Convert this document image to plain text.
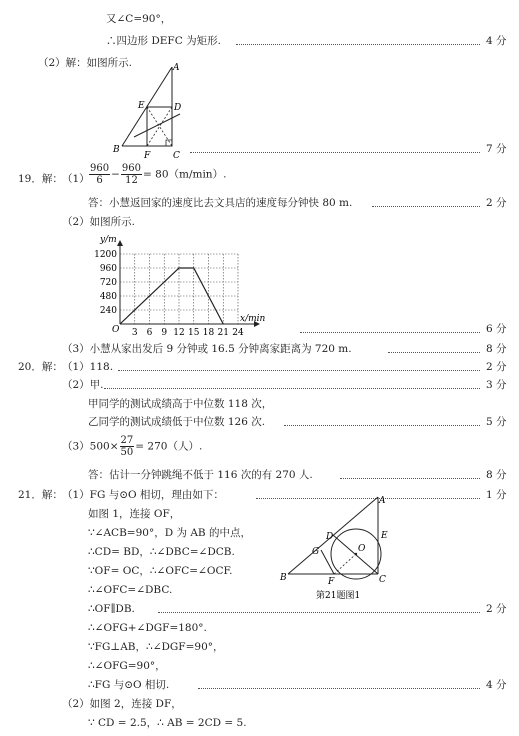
又∠C=90°，
∴四边形 DEFC 为矩形.	4 分
（2）解：如图所示.	A
B
C
D
E
F
7 分
19．解： $(1) \frac{960}{6} - \frac{960}{12} = 80(m/\min)$.
答：小慧返回家的速度比去文具店的速度每分钟快 80 m.	2 分
（2）如图所示.
3 6 9 12 15 18 21 24
240
480
720
960
1200
O
y/m
x/min
6 分
（3）小慧从家出发后 9 分钟或 16.5 分钟离家距离为 720 m.	8 分
20．解： （1）118.	2 分
（2）甲.	3 分
甲同学的测试成绩高于中位数 118 次，
乙同学的测试成绩低于中位数 126 次.	5 分
$(3)500\times \frac{27}{50} = 270$（人）.
答：估计一分钟跳绳不低于 116 次的有 270 人.	8 分
21．解： （1）FG 与⊙O 相切，理由如下：	1 分
如图 1，连接 OF，
∵∠ACB=90°，D 为 AB 的中点，
∴CD= BD，∴∠DBC=∠DCB.
∵OF= OC，∴∠OFC=∠OCF.
∴∠OFC=∠DBC.
∴OF∥DB.	2 分
∴∠OFG+∠DGF=180°.
∵FG⊥AB，∴∠DGF=90°，
∴∠OFG=90°，
∴FG 与⊙O 相切.	4 分
（2）如图 2，连接 DF，
∵ CD = 2.5，∴ AB = 2CD = 5.
A
B	C
D	E
F
G	O
第21题图1
